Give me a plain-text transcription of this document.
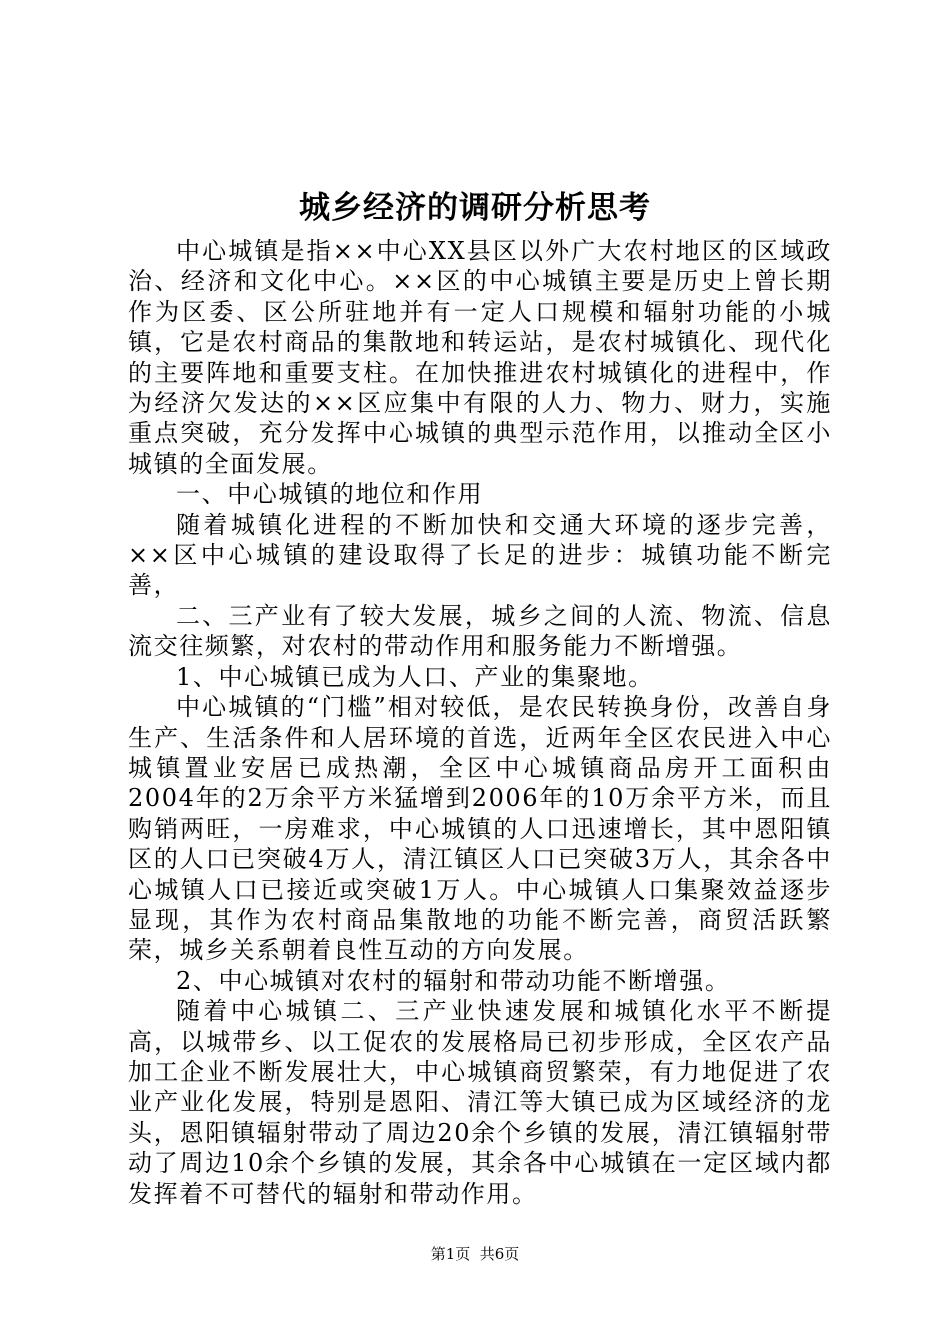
城乡经济的调研分析思考

中心城镇是指××中心XX县区以外广大农村地区的区域政治、经济和文化中心。××区的中心城镇主要是历史上曾长期作为区委、区公所驻地并有一定人口规模和辐射功能的小城镇，它是农村商品的集散地和转运站，是农村城镇化、现代化的主要阵地和重要支柱。在加快推进农村城镇化的进程中，作为经济欠发达的××区应集中有限的人力、物力、财力，实施重点突破，充分发挥中心城镇的典型示范作用，以推动全区小城镇的全面发展。

一、中心城镇的地位和作用

随着城镇化进程的不断加快和交通大环境的逐步完善，××区中心城镇的建设取得了长足的进步：城镇功能不断完善，

二、三产业有了较大发展，城乡之间的人流、物流、信息流交往频繁，对农村的带动作用和服务能力不断增强。

1、中心城镇已成为人口、产业的集聚地。

中心城镇的“门槛”相对较低，是农民转换身份，改善自身生产、生活条件和人居环境的首选，近两年全区农民进入中心城镇置业安居已成热潮，全区中心城镇商品房开工面积由2004年的2万余平方米猛增到2006年的10万余平方米，而且购销两旺，一房难求，中心城镇的人口迅速增长，其中恩阳镇区的人口已突破4万人，清江镇区人口已突破3万人，其余各中心城镇人口已接近或突破1万人。中心城镇人口集聚效益逐步显现，其作为农村商品集散地的功能不断完善，商贸活跃繁荣，城乡关系朝着良性互动的方向发展。

2、中心城镇对农村的辐射和带动功能不断增强。

随着中心城镇二、三产业快速发展和城镇化水平不断提高，以城带乡、以工促农的发展格局已初步形成，全区农产品加工企业不断发展壮大，中心城镇商贸繁荣，有力地促进了农业产业化发展，特别是恩阳、清江等大镇已成为区域经济的龙头，恩阳镇辐射带动了周边20余个乡镇的发展，清江镇辐射带动了周边10余个乡镇的发展，其余各中心城镇在一定区域内都发挥着不可替代的辐射和带动作用。

第1页  共6页
